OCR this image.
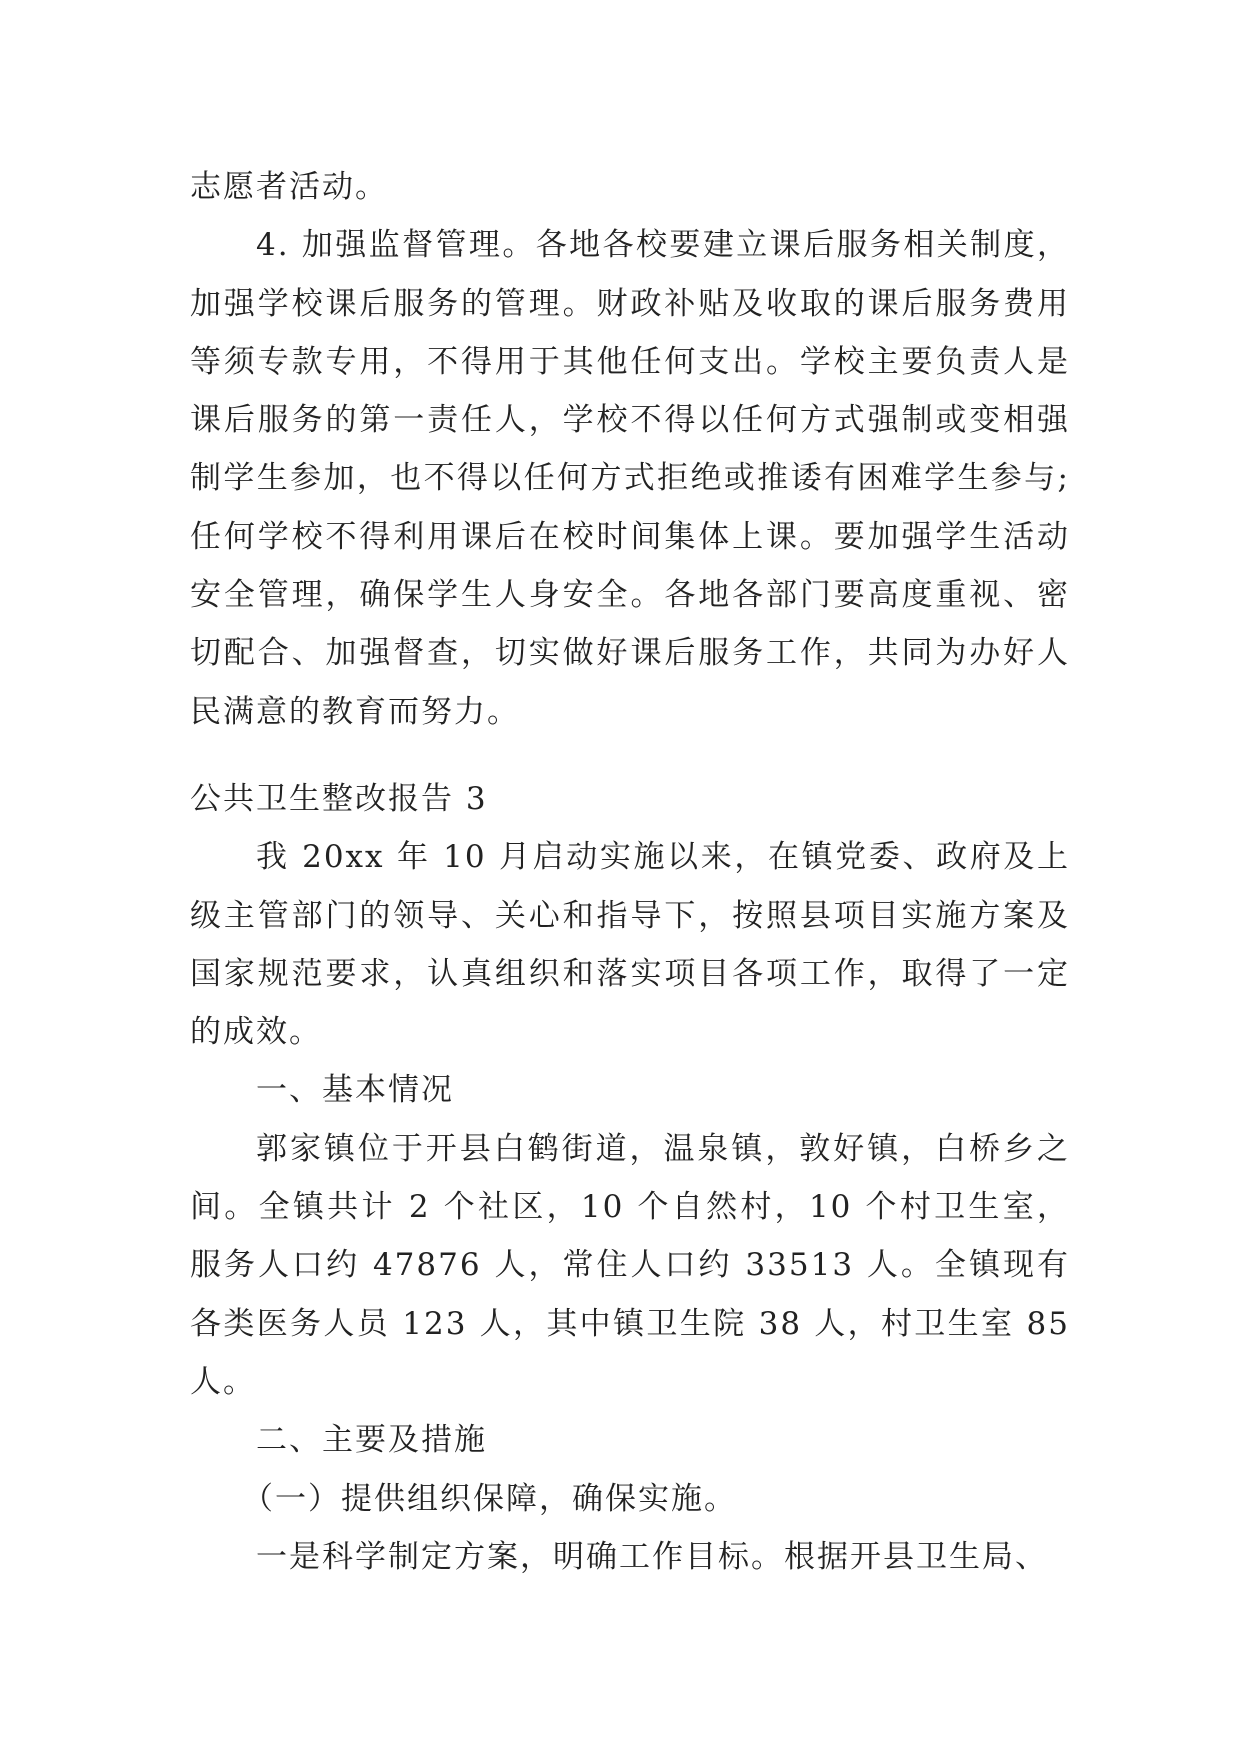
志愿者活动。

4. 加强监督管理。各地各校要建立课后服务相关制度，加强学校课后服务的管理。财政补贴及收取的课后服务费用等须专款专用，不得用于其他任何支出。学校主要负责人是课后服务的第一责任人，学校不得以任何方式强制或变相强制学生参加，也不得以任何方式拒绝或推诿有困难学生参与;任何学校不得利用课后在校时间集体上课。要加强学生活动安全管理，确保学生人身安全。各地各部门要高度重视、密切配合、加强督查，切实做好课后服务工作，共同为办好人民满意的教育而努力。

公共卫生整改报告 3

我 20xx 年 10 月启动实施以来，在镇党委、政府及上级主管部门的领导、关心和指导下，按照县项目实施方案及国家规范要求，认真组织和落实项目各项工作，取得了一定的成效。

一、基本情况

郭家镇位于开县白鹤街道，温泉镇，敦好镇，白桥乡之间。全镇共计 2 个社区，10 个自然村，10 个村卫生室，服务人口约 47876 人，常住人口约 33513 人。全镇现有各类医务人员 123 人，其中镇卫生院 38 人，村卫生室 85 人。

二、主要及措施

（一）提供组织保障，确保实施。

一是科学制定方案，明确工作目标。根据开县卫生局、
